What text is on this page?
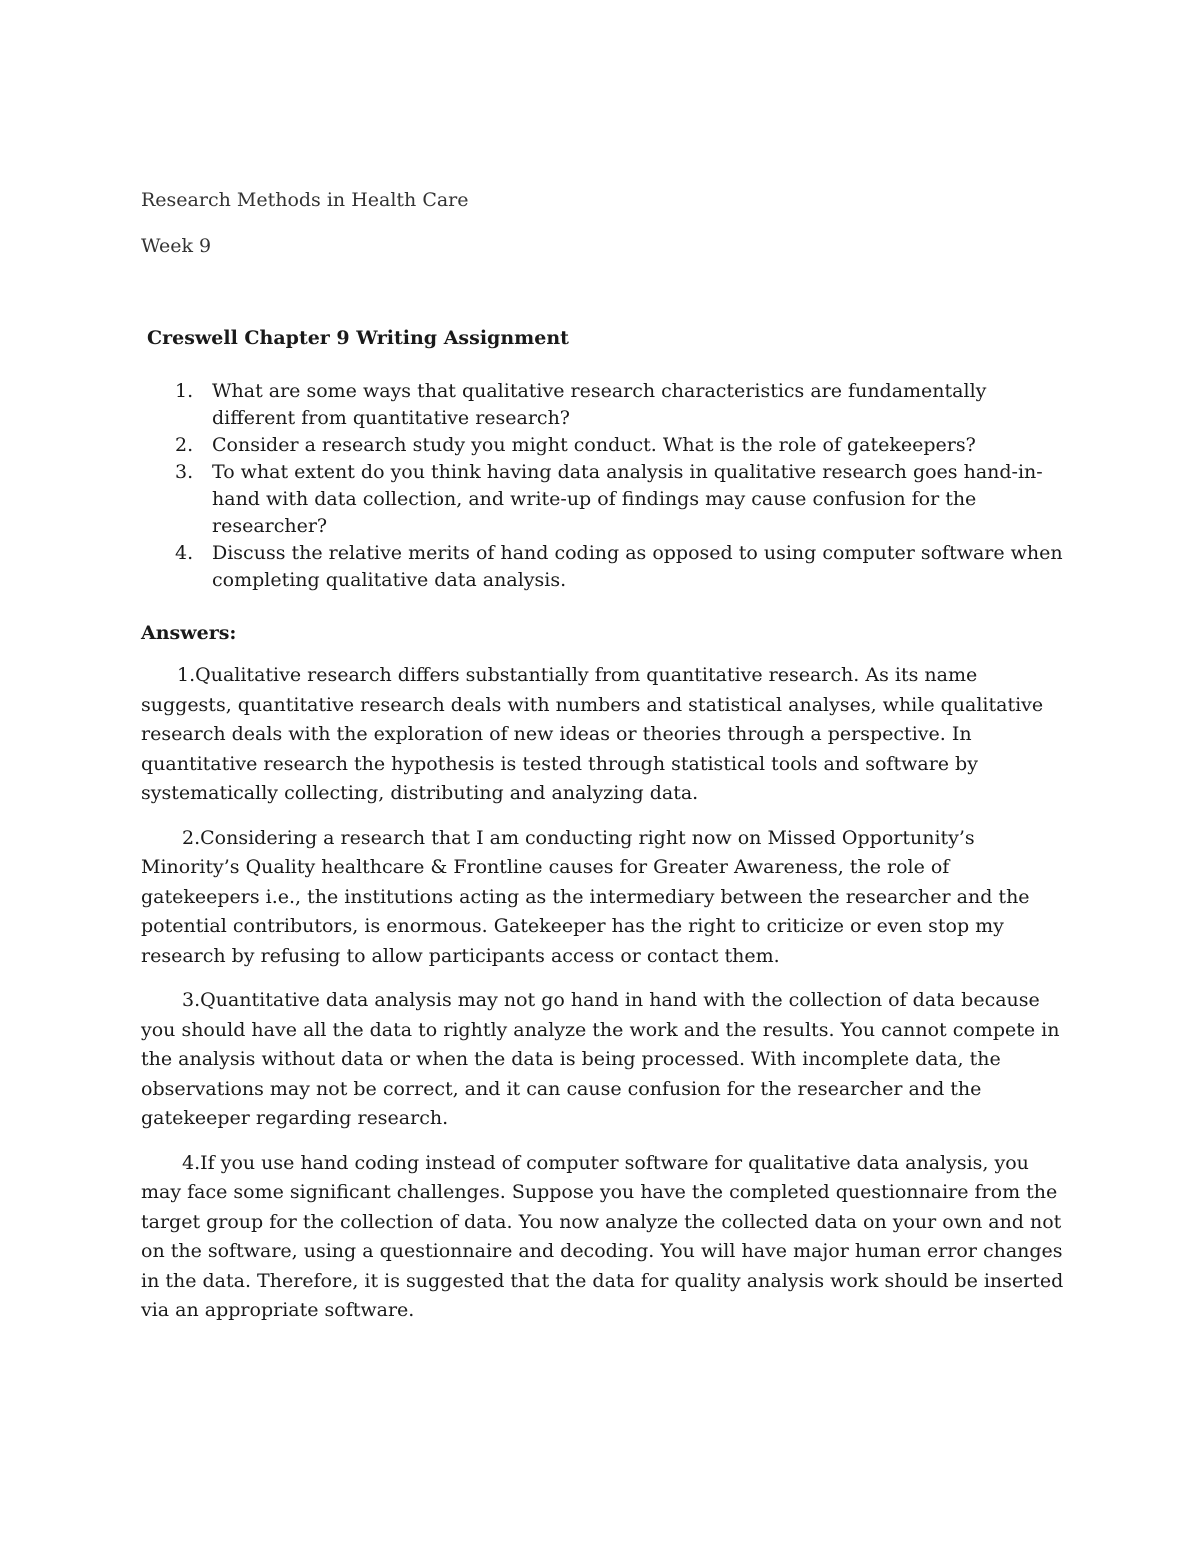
Research Methods in Health Care

Week 9

Creswell Chapter 9 Writing Assignment

1. What are some ways that qualitative research characteristics are fundamentally different from quantitative research?
2. Consider a research study you might conduct. What is the role of gatekeepers?
3. To what extent do you think having data analysis in qualitative research goes hand-in-hand with data collection, and write-up of findings may cause confusion for the researcher?
4. Discuss the relative merits of hand coding as opposed to using computer software when completing qualitative data analysis.

Answers:

1.Qualitative research differs substantially from quantitative research. As its name suggests, quantitative research deals with numbers and statistical analyses, while qualitative research deals with the exploration of new ideas or theories through a perspective. In quantitative research the hypothesis is tested through statistical tools and software by systematically collecting, distributing and analyzing data.

2.Considering a research that I am conducting right now on Missed Opportunity’s Minority’s Quality healthcare & Frontline causes for Greater Awareness, the role of gatekeepers i.e., the institutions acting as the intermediary between the researcher and the potential contributors, is enormous. Gatekeeper has the right to criticize or even stop my research by refusing to allow participants access or contact them.

3.Quantitative data analysis may not go hand in hand with the collection of data because you should have all the data to rightly analyze the work and the results. You cannot compete in the analysis without data or when the data is being processed. With incomplete data, the observations may not be correct, and it can cause confusion for the researcher and the gatekeeper regarding research.

4.If you use hand coding instead of computer software for qualitative data analysis, you may face some significant challenges. Suppose you have the completed questionnaire from the target group for the collection of data. You now analyze the collected data on your own and not on the software, using a questionnaire and decoding. You will have major human error changes in the data. Therefore, it is suggested that the data for quality analysis work should be inserted via an appropriate software.
